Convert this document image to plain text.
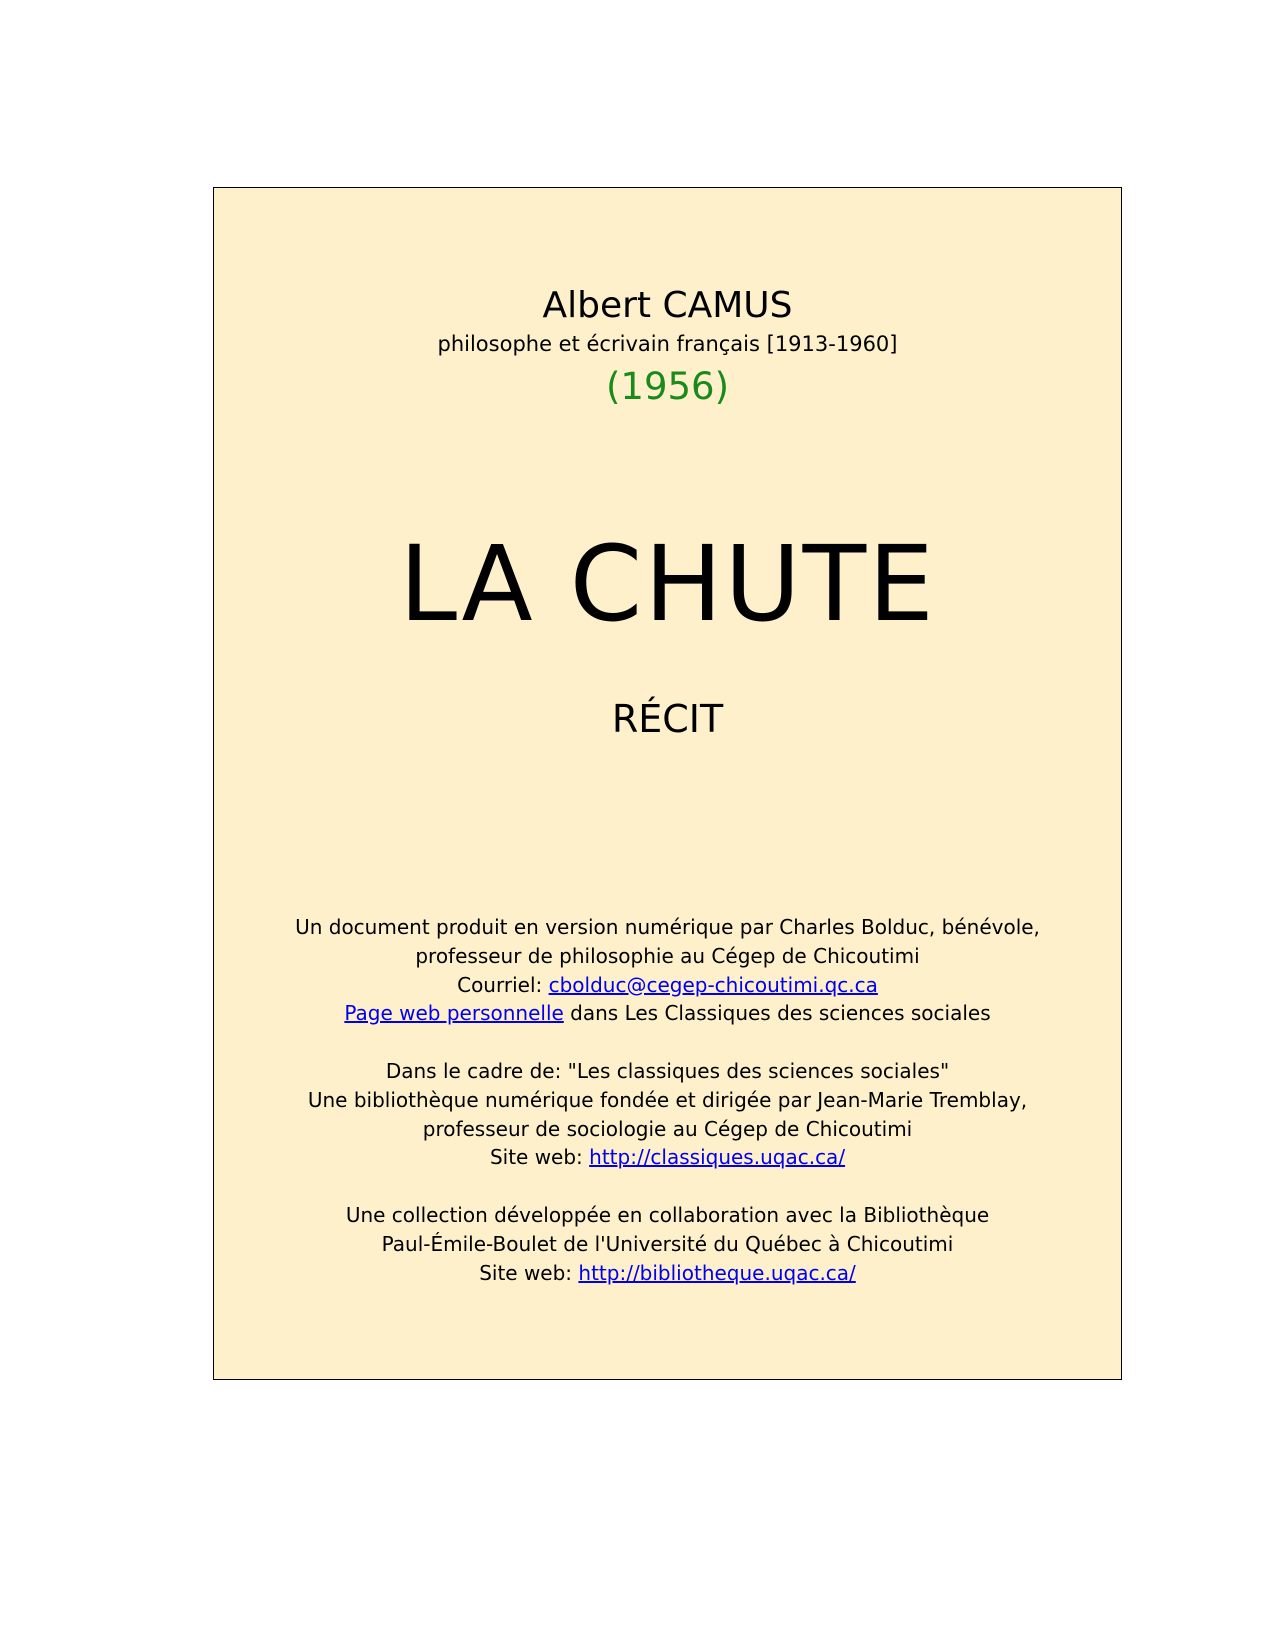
Albert CAMUS
philosophe et écrivain français [1913-1960]
(1956)
LA CHUTE
RÉCIT
Un document produit en version numérique par Charles Bolduc, bénévole,
professeur de philosophie au Cégep de Chicoutimi
Courriel: cbolduc@cegep-chicoutimi.qc.ca
Page web personnelle dans Les Classiques des sciences sociales
Dans le cadre de: "Les classiques des sciences sociales"
Une bibliothèque numérique fondée et dirigée par Jean-Marie Tremblay,
professeur de sociologie au Cégep de Chicoutimi
Site web: http://classiques.uqac.ca/
Une collection développée en collaboration avec la Bibliothèque
Paul-Émile-Boulet de l'Université du Québec à Chicoutimi
Site web: http://bibliotheque.uqac.ca/
